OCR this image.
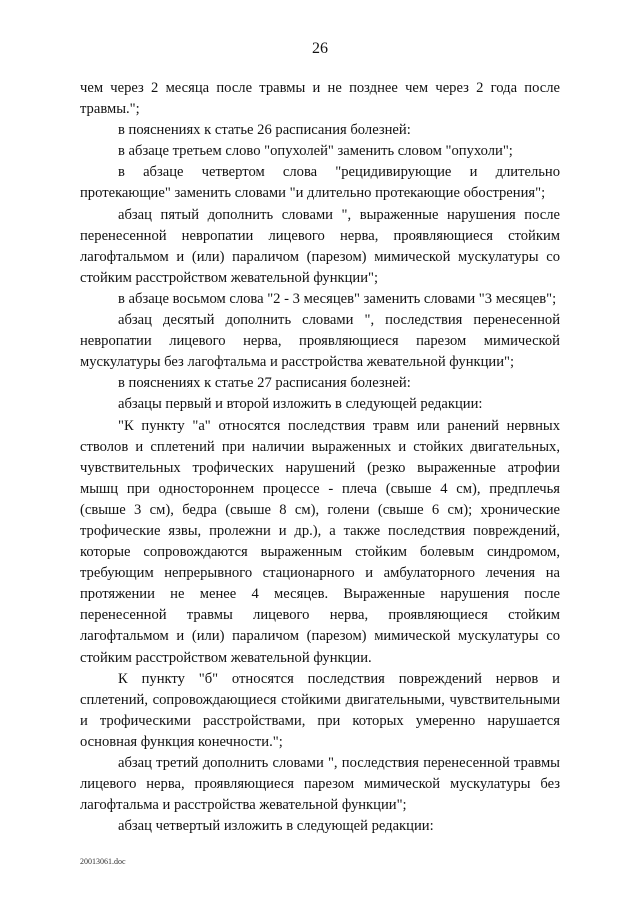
26

чем через 2 месяца после травмы и не позднее чем через 2 года после травмы.";

в пояснениях к статье 26 расписания болезней:

в абзаце третьем слово "опухолей" заменить словом "опухоли";

в абзаце четвертом слова "рецидивирующие и длительно протекающие" заменить словами "и длительно протекающие обострения";

абзац пятый дополнить словами ", выраженные нарушения после перенесенной невропатии лицевого нерва, проявляющиеся стойким лагофтальмом и (или) параличом (парезом) мимической мускулатуры со стойким расстройством жевательной функции";

в абзаце восьмом слова "2 - 3 месяцев" заменить словами "3 месяцев";

абзац десятый дополнить словами ", последствия перенесенной невропатии лицевого нерва, проявляющиеся парезом мимической мускулатуры без лагофтальма и расстройства жевательной функции";

в пояснениях к статье 27 расписания болезней:

абзацы первый и второй изложить в следующей редакции:

"К пункту "а" относятся последствия травм или ранений нервных стволов и сплетений при наличии выраженных и стойких двигательных, чувствительных трофических нарушений (резко выраженные атрофии мышц при одностороннем процессе - плеча (свыше 4 см), предплечья (свыше 3 см), бедра (свыше 8 см), голени (свыше 6 см); хронические трофические язвы, пролежни и др.), а также последствия повреждений, которые сопровождаются выраженным стойким болевым синдромом, требующим непрерывного стационарного и амбулаторного лечения на протяжении не менее 4 месяцев. Выраженные нарушения после перенесенной травмы лицевого нерва, проявляющиеся стойким лагофтальмом и (или) параличом (парезом) мимической мускулатуры со стойким расстройством жевательной функции.

К пункту "б" относятся последствия повреждений нервов и сплетений, сопровождающиеся стойкими двигательными, чувствительными и трофическими расстройствами, при которых умеренно нарушается основная функция конечности.";

абзац третий дополнить словами ", последствия перенесенной травмы лицевого нерва, проявляющиеся парезом мимической мускулатуры без лагофтальма и расстройства жевательной функции";

абзац четвертый изложить в следующей редакции:

20013061.doc
